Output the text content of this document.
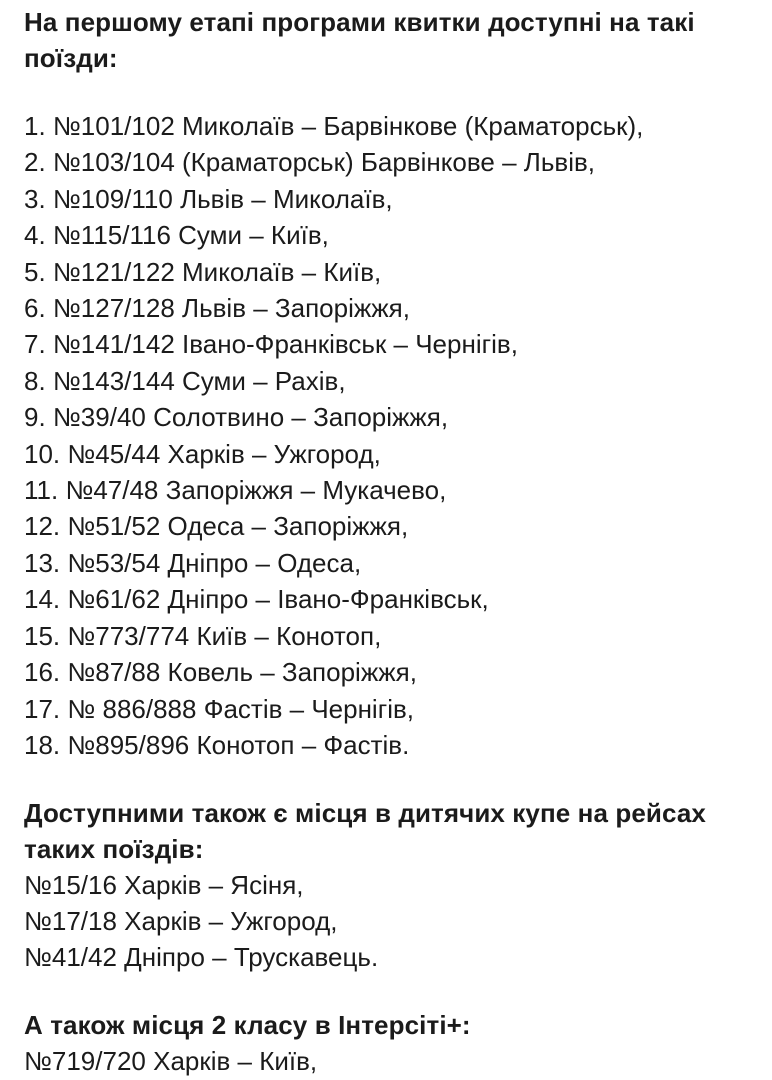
На першому етапі програми квитки доступні на такі поїзди:

1. №101/102 Миколаїв – Барвінкове (Краматорськ),
2. №103/104 (Краматорськ) Барвінкове – Львів,
3. №109/110 Львів – Миколаїв,
4. №115/116 Суми – Київ,
5. №121/122 Миколаїв – Київ,
6. №127/128 Львів – Запоріжжя,
7. №141/142 Івано-Франківськ – Чернігів,
8. №143/144 Суми – Рахів,
9. №39/40 Солотвино – Запоріжжя,
10. №45/44 Харків – Ужгород,
11. №47/48 Запоріжжя – Мукачево,
12. №51/52 Одеса – Запоріжжя,
13. №53/54 Дніпро – Одеса,
14. №61/62 Дніпро – Івано-Франківськ,
15. №773/774 Київ – Конотоп,
16. №87/88 Ковель – Запоріжжя,
17. № 886/888 Фастів – Чернігів,
18. №895/896 Конотоп – Фастів.

Доступними також є місця в дитячих купе на рейсах таких поїздів:

№15/16 Харків – Ясіня,
№17/18 Харків – Ужгород,
№41/42 Дніпро – Трускавець.

А також місця 2 класу в Інтерсіті+:

№719/720 Харків – Київ,
